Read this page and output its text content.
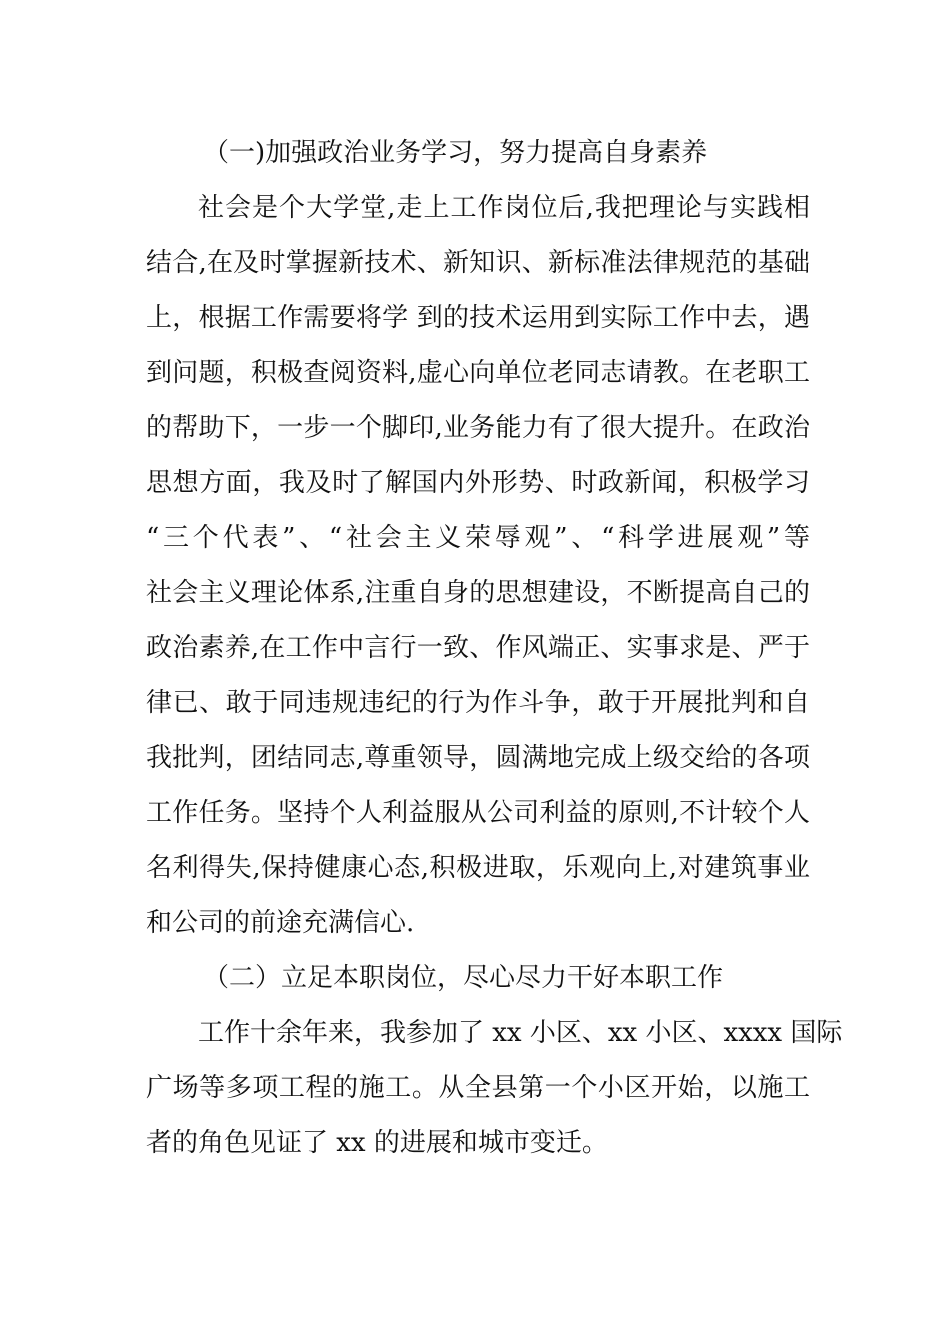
（一)加强政治业务学习，努力提高自身素养

社会是个大学堂,走上工作岗位后,我把理论与实践相
结合,在及时掌握新技术、新知识、新标准法律规范的基础
上，根据工作需要将学 到的技术运用到实际工作中去，遇
到问题，积极查阅资料,虚心向单位老同志请教。在老职工
的帮助下，一步一个脚印,业务能力有了很大提升。在政治
思想方面，我及时了解国内外形势、时政新闻，积极学习
“三个代表”、“社会主义荣辱观”、“科学进展观”等
社会主义理论体系,注重自身的思想建设，不断提高自己的
政治素养,在工作中言行一致、作风端正、实事求是、严于
律已、敢于同违规违纪的行为作斗争，敢于开展批判和自
我批判，团结同志,尊重领导，圆满地完成上级交给的各项
工作任务。坚持个人利益服从公司利益的原则,不计较个人
名利得失,保持健康心态,积极进取，乐观向上,对建筑事业
和公司的前途充满信心.

（二）立足本职岗位，尽心尽力干好本职工作

工作十余年来，我参加了 xx 小区、xx 小区、xxxx 国际
广场等多项工程的施工。从全县第一个小区开始，以施工
者的角色见证了 xx 的进展和城市变迁。
